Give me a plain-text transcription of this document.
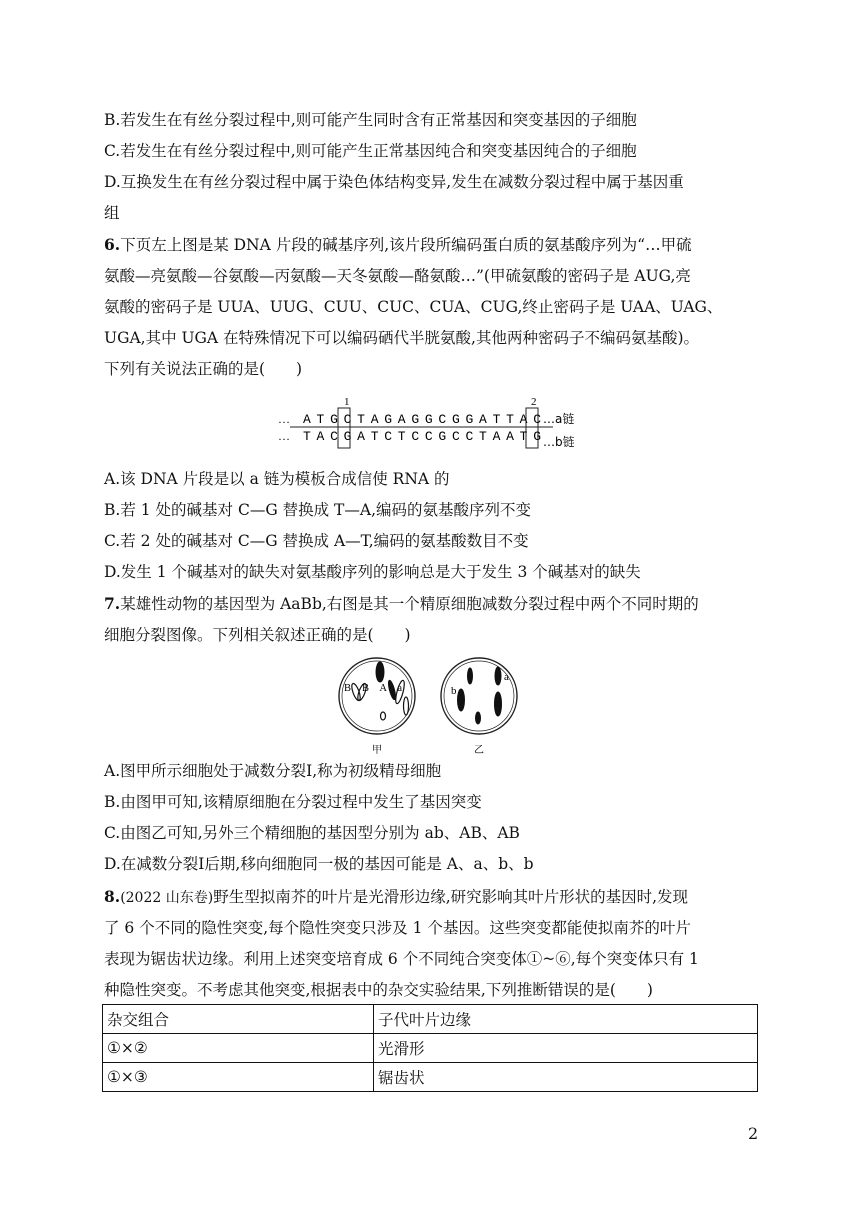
B.若发生在有丝分裂过程中,则可能产生同时含有正常基因和突变基因的子细胞
C.若发生在有丝分裂过程中,则可能产生正常基因纯合和突变基因纯合的子细胞
D.互换发生在有丝分裂过程中属于染色体结构变异,发生在减数分裂过程中属于基因重
组
6.下页左上图是某 DNA 片段的碱基序列,该片段所编码蛋白质的氨基酸序列为“…甲硫
氨酸—亮氨酸—谷氨酸—丙氨酸—天冬氨酸—酪氨酸…”(甲硫氨酸的密码子是 AUG,亮
氨酸的密码子是 UUA、UUG、CUU、CUC、CUA、CUG,终止密码子是 UAA、UAG、
UGA,其中 UGA 在特殊情况下可以编码硒代半胱氨酸,其他两种密码子不编码氨基酸)。
下列有关说法正确的是(　　)
1	2
… ATGCTAGAGGCGGATTAC …a链
… TACGATCTCCGCCTAATG …b链
A.该 DNA 片段是以 a 链为模板合成信使 RNA 的
B.若 1 处的碱基对 C—G 替换成 T—A,编码的氨基酸序列不变
C.若 2 处的碱基对 C—G 替换成 A—T,编码的氨基酸数目不变
D.发生 1 个碱基对的缺失对氨基酸序列的影响总是大于发生 3 个碱基对的缺失
7.某雄性动物的基因型为 AaBb,右图是其一个精原细胞减数分裂过程中两个不同时期的
细胞分裂图像。下列相关叙述正确的是(　　)
B B A a
甲
b
a
乙
A.图甲所示细胞处于减数分裂Ⅰ,称为初级精母细胞
B.由图甲可知,该精原细胞在分裂过程中发生了基因突变
C.由图乙可知,另外三个精细胞的基因型分别为 ab、AB、AB
D.在减数分裂Ⅰ后期,移向细胞同一极的基因可能是 A、a、b、b
8.(2022 山东卷)野生型拟南芥的叶片是光滑形边缘,研究影响其叶片形状的基因时,发现
了 6 个不同的隐性突变,每个隐性突变只涉及 1 个基因。这些突变都能使拟南芥的叶片
表现为锯齿状边缘。利用上述突变培育成 6 个不同纯合突变体①~⑥,每个突变体只有 1
种隐性突变。不考虑其他突变,根据表中的杂交实验结果,下列推断错误的是(　　)
杂交组合	子代叶片边缘
①×②	光滑形
①×③	锯齿状
2
